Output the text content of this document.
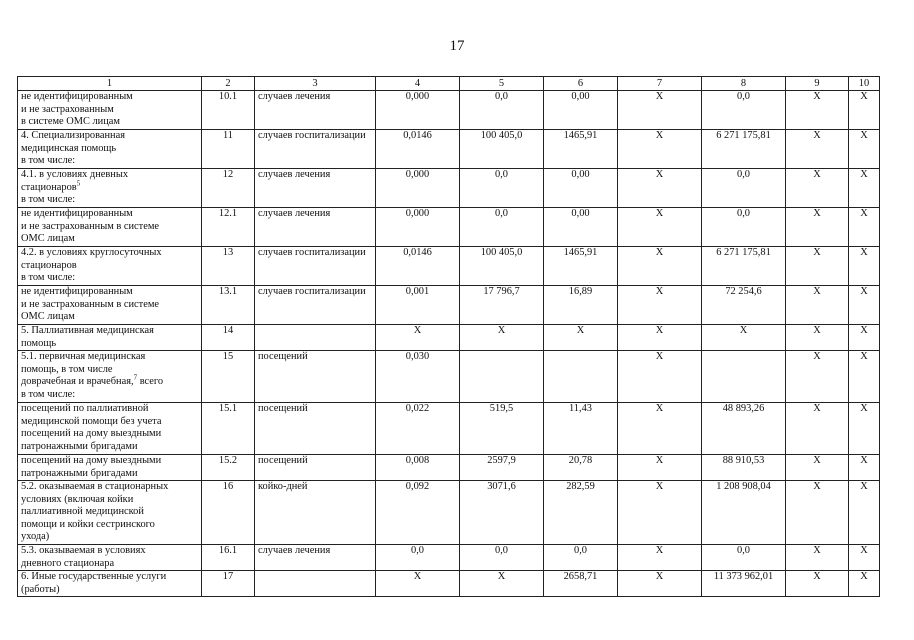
17
1	2	3	4	5	6	7	8	9	10
не идентифицированным
и не застрахованным
в системе ОМС лицам	10.1	случаев лечения	0,000	0,0	0,00	X	0,0	X	X
4. Специализированная
медицинская помощь
в том числе:	11	случаев госпитализации	0,0146	100 405,0	1465,91	X	6 271 175,81	X	X
4.1. в условиях дневных
стационаров$^5$
в том числе:	12	случаев лечения	0,000	0,0	0,00	X	0,0	X	X
не идентифицированным
и не застрахованным в системе
ОМС лицам	12.1	случаев лечения	0,000	0,0	0,00	X	0,0	X	X
4.2. в условиях круглосуточных
стационаров
в том числе:	13	случаев госпитализации	0,0146	100 405,0	1465,91	X	6 271 175,81	X	X
не идентифицированным
и не застрахованным в системе
ОМС лицам	13.1	случаев госпитализации	0,001	17 796,7	16,89	X	72 254,6	X	X
5. Паллиативная медицинская
помощь	14		X	X	X	X	X	X	X
5.1. первичная медицинская
помощь, в том числе
доврачебная и врачебная,$^7$ всего
в том числе:	15	посещений	0,030			X		X	X
посещений по паллиативной
медицинской помощи без учета
посещений на дому выездными
патронажными бригадами	15.1	посещений	0,022	519,5	11,43	X	48 893,26	X	X
посещений на дому выездными
патронажными бригадами	15.2	посещений	0,008	2597,9	20,78	X	88 910,53	X	X
5.2. оказываемая в стационарных
условиях (включая койки
паллиативной медицинской
помощи и койки сестринского
ухода)	16	койко-дней	0,092	3071,6	282,59	X	1 208 908,04	X	X
5.3. оказываемая в условиях
дневного стационара	16.1	случаев лечения	0,0	0,0	0,0	X	0,0	X	X
6. Иные государственные услуги
(работы)	17		X	X	2658,71	X	11 373 962,01	X	X
